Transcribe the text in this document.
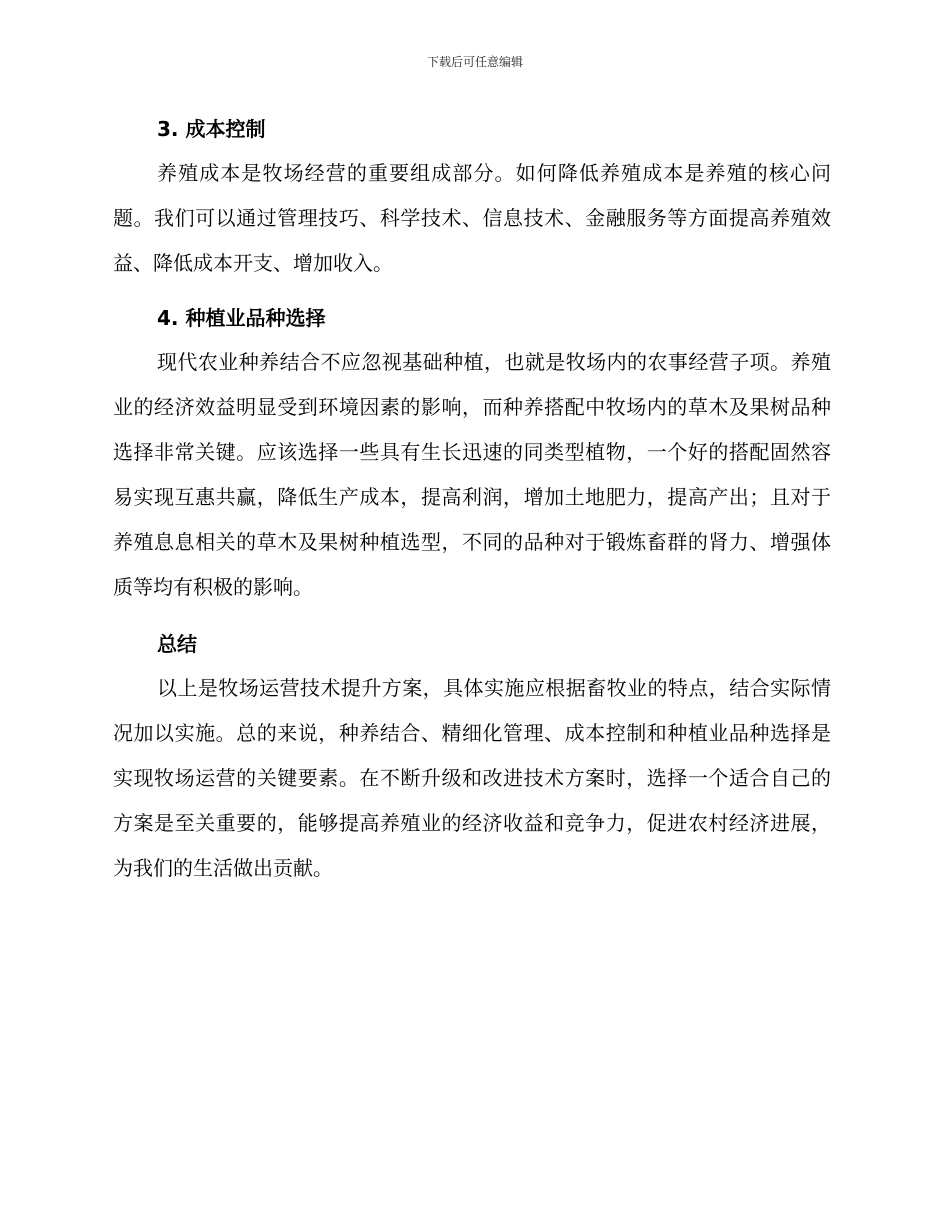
下载后可任意编辑
3. 成本控制

养殖成本是牧场经营的重要组成部分。如何降低养殖成本是养殖的核心问题。我们可以通过管理技巧、科学技术、信息技术、金融服务等方面提高养殖效益、降低成本开支、增加收入。

4. 种植业品种选择

现代农业种养结合不应忽视基础种植，也就是牧场内的农事经营子项。养殖业的经济效益明显受到环境因素的影响，而种养搭配中牧场内的草木及果树品种选择非常关键。应该选择一些具有生长迅速的同类型植物，一个好的搭配固然容易实现互惠共赢，降低生产成本，提高利润，增加土地肥力，提高产出；且对于养殖息息相关的草木及果树种植选型，不同的品种对于锻炼畜群的肾力、增强体质等均有积极的影响。

总结

以上是牧场运营技术提升方案，具体实施应根据畜牧业的特点，结合实际情况加以实施。总的来说，种养结合、精细化管理、成本控制和种植业品种选择是实现牧场运营的关键要素。在不断升级和改进技术方案时，选择一个适合自己的方案是至关重要的，能够提高养殖业的经济收益和竞争力，促进农村经济进展，为我们的生活做出贡献。
